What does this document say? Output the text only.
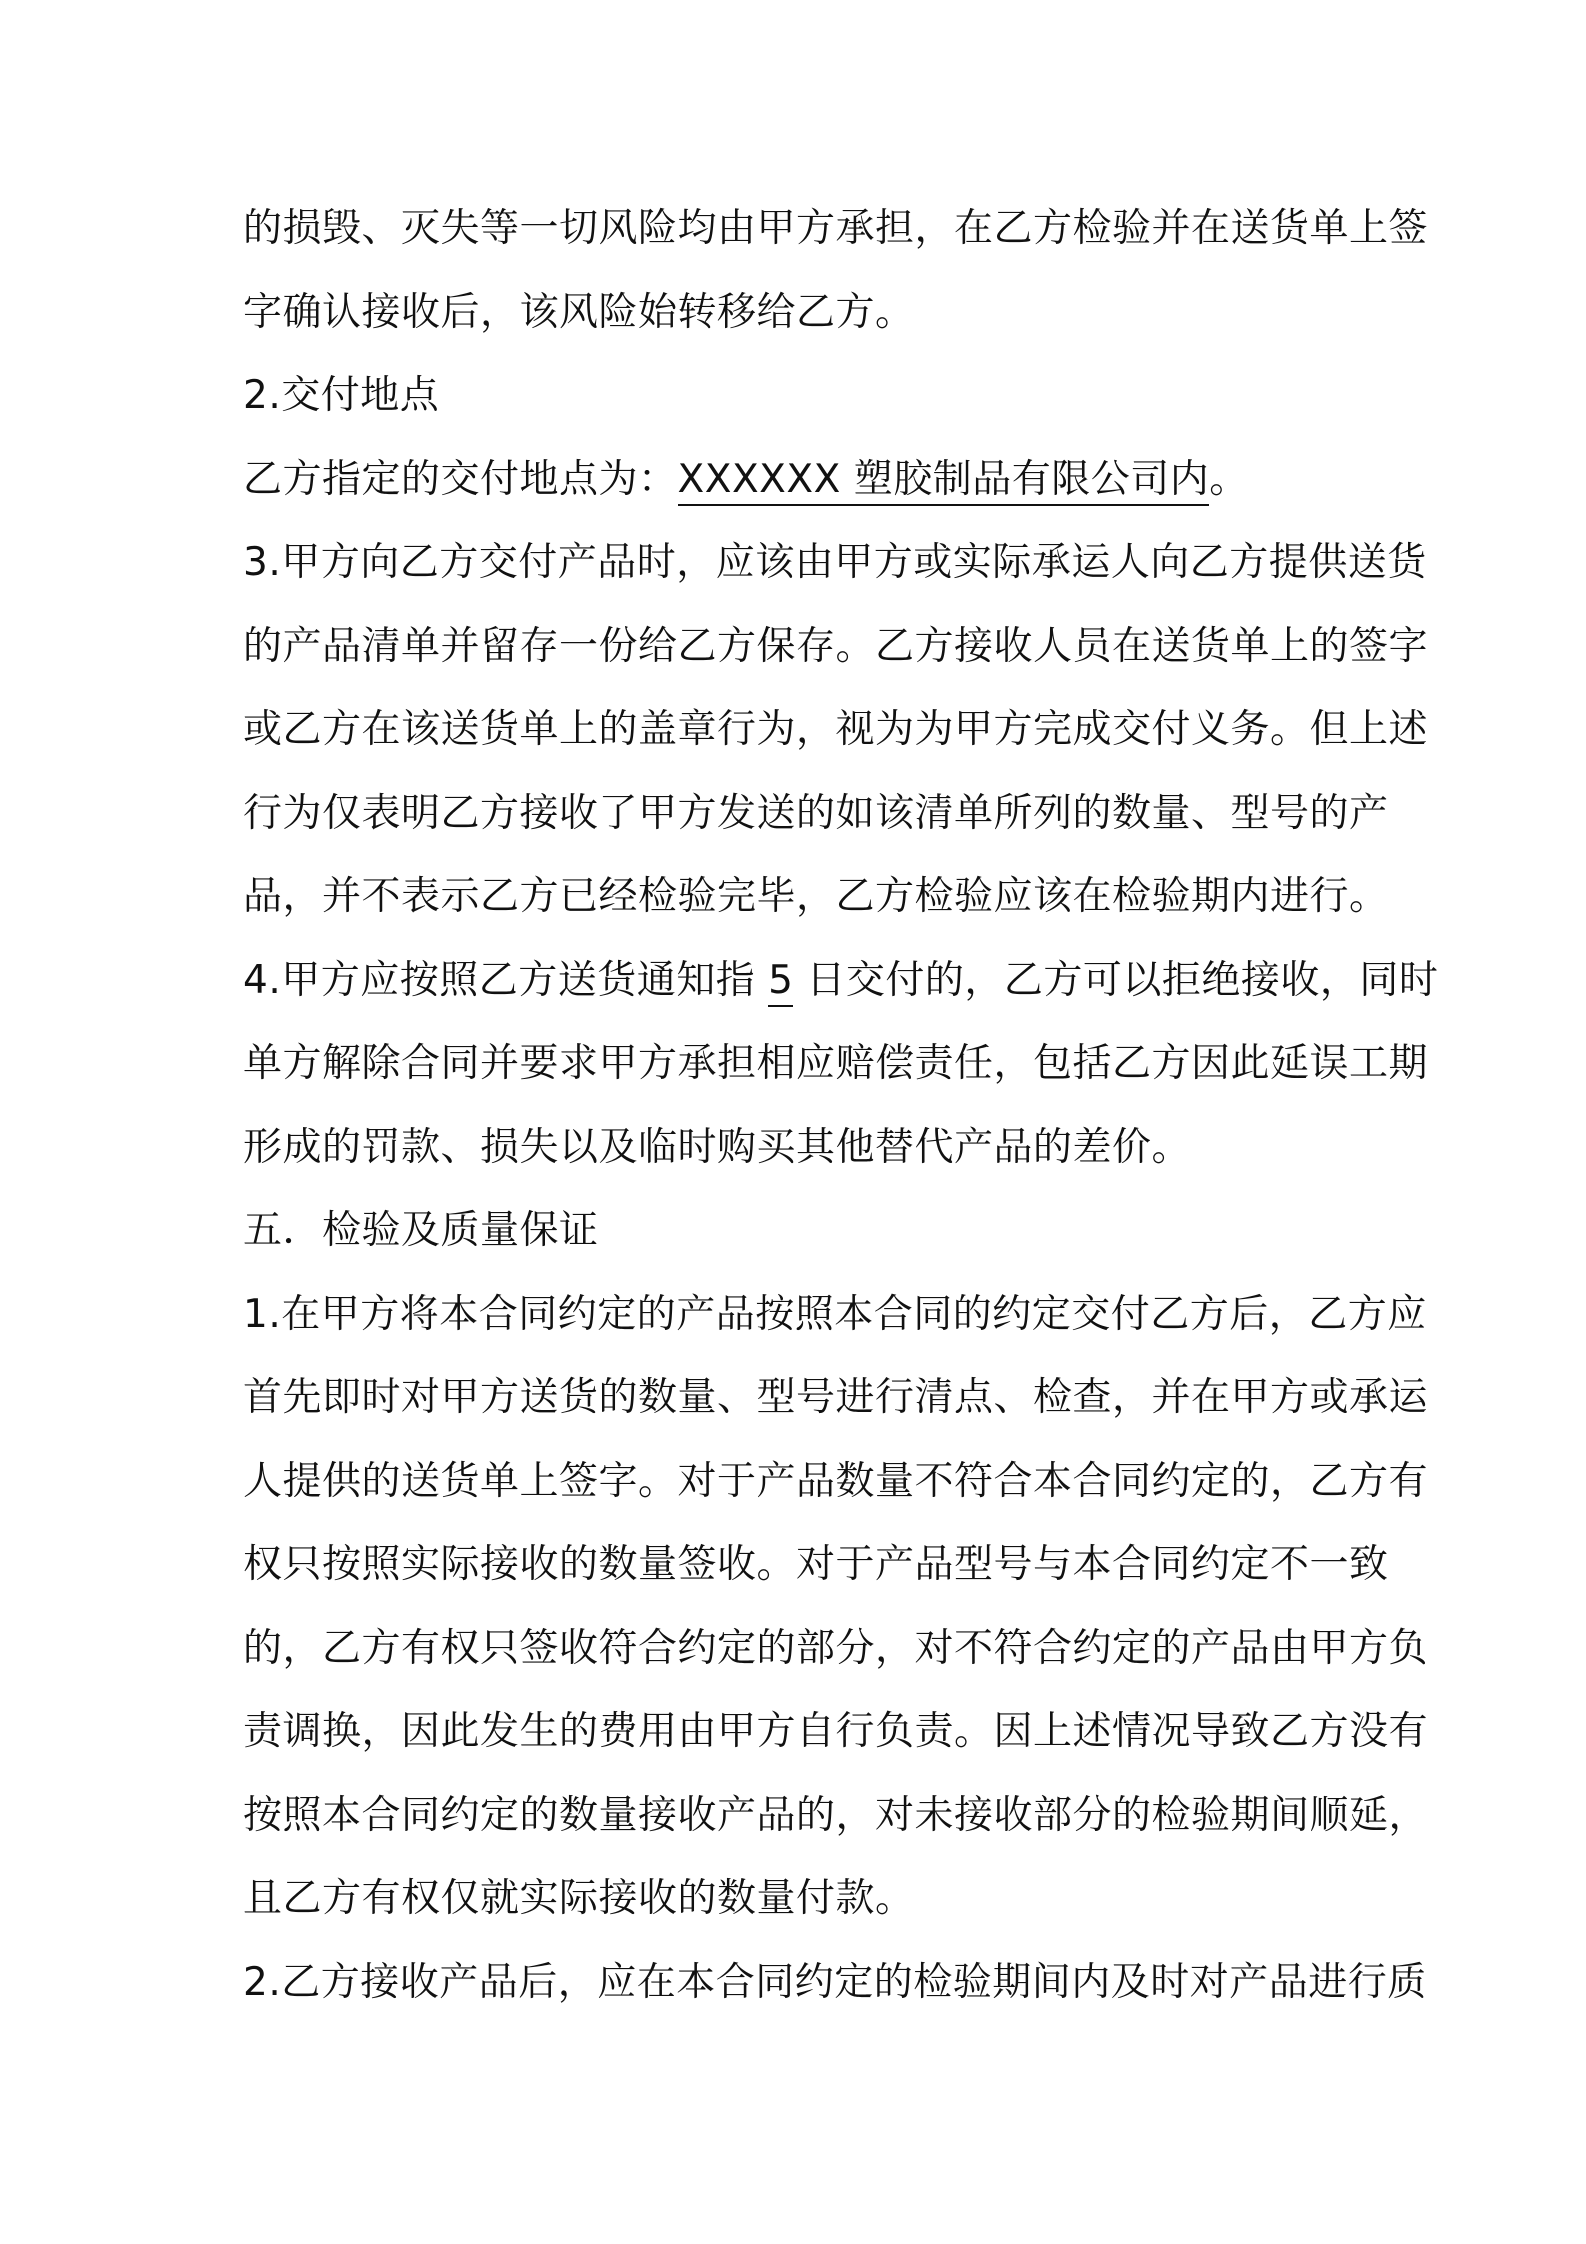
的损毁、灭失等一切风险均由甲方承担，在乙方检验并在送货单上签
字确认接收后，该风险始转移给乙方。
2.交付地点
乙方指定的交付地点为：XXXXXX 塑胶制品有限公司内。
3.甲方向乙方交付产品时，应该由甲方或实际承运人向乙方提供送货
的产品清单并留存一份给乙方保存。乙方接收人员在送货单上的签字
或乙方在该送货单上的盖章行为，视为为甲方完成交付义务。但上述
行为仅表明乙方接收了甲方发送的如该清单所列的数量、型号的产
品，并不表示乙方已经检验完毕，乙方检验应该在检验期内进行。
4.甲方应按照乙方送货通知指 5 日交付的，乙方可以拒绝接收，同时
单方解除合同并要求甲方承担相应赔偿责任，包括乙方因此延误工期
形成的罚款、损失以及临时购买其他替代产品的差价。
五．检验及质量保证
1.在甲方将本合同约定的产品按照本合同的约定交付乙方后，乙方应
首先即时对甲方送货的数量、型号进行清点、检查，并在甲方或承运
人提供的送货单上签字。对于产品数量不符合本合同约定的，乙方有
权只按照实际接收的数量签收。对于产品型号与本合同约定不一致
的，乙方有权只签收符合约定的部分，对不符合约定的产品由甲方负
责调换，因此发生的费用由甲方自行负责。因上述情况导致乙方没有
按照本合同约定的数量接收产品的，对未接收部分的检验期间顺延，
且乙方有权仅就实际接收的数量付款。
2.乙方接收产品后，应在本合同约定的检验期间内及时对产品进行质
